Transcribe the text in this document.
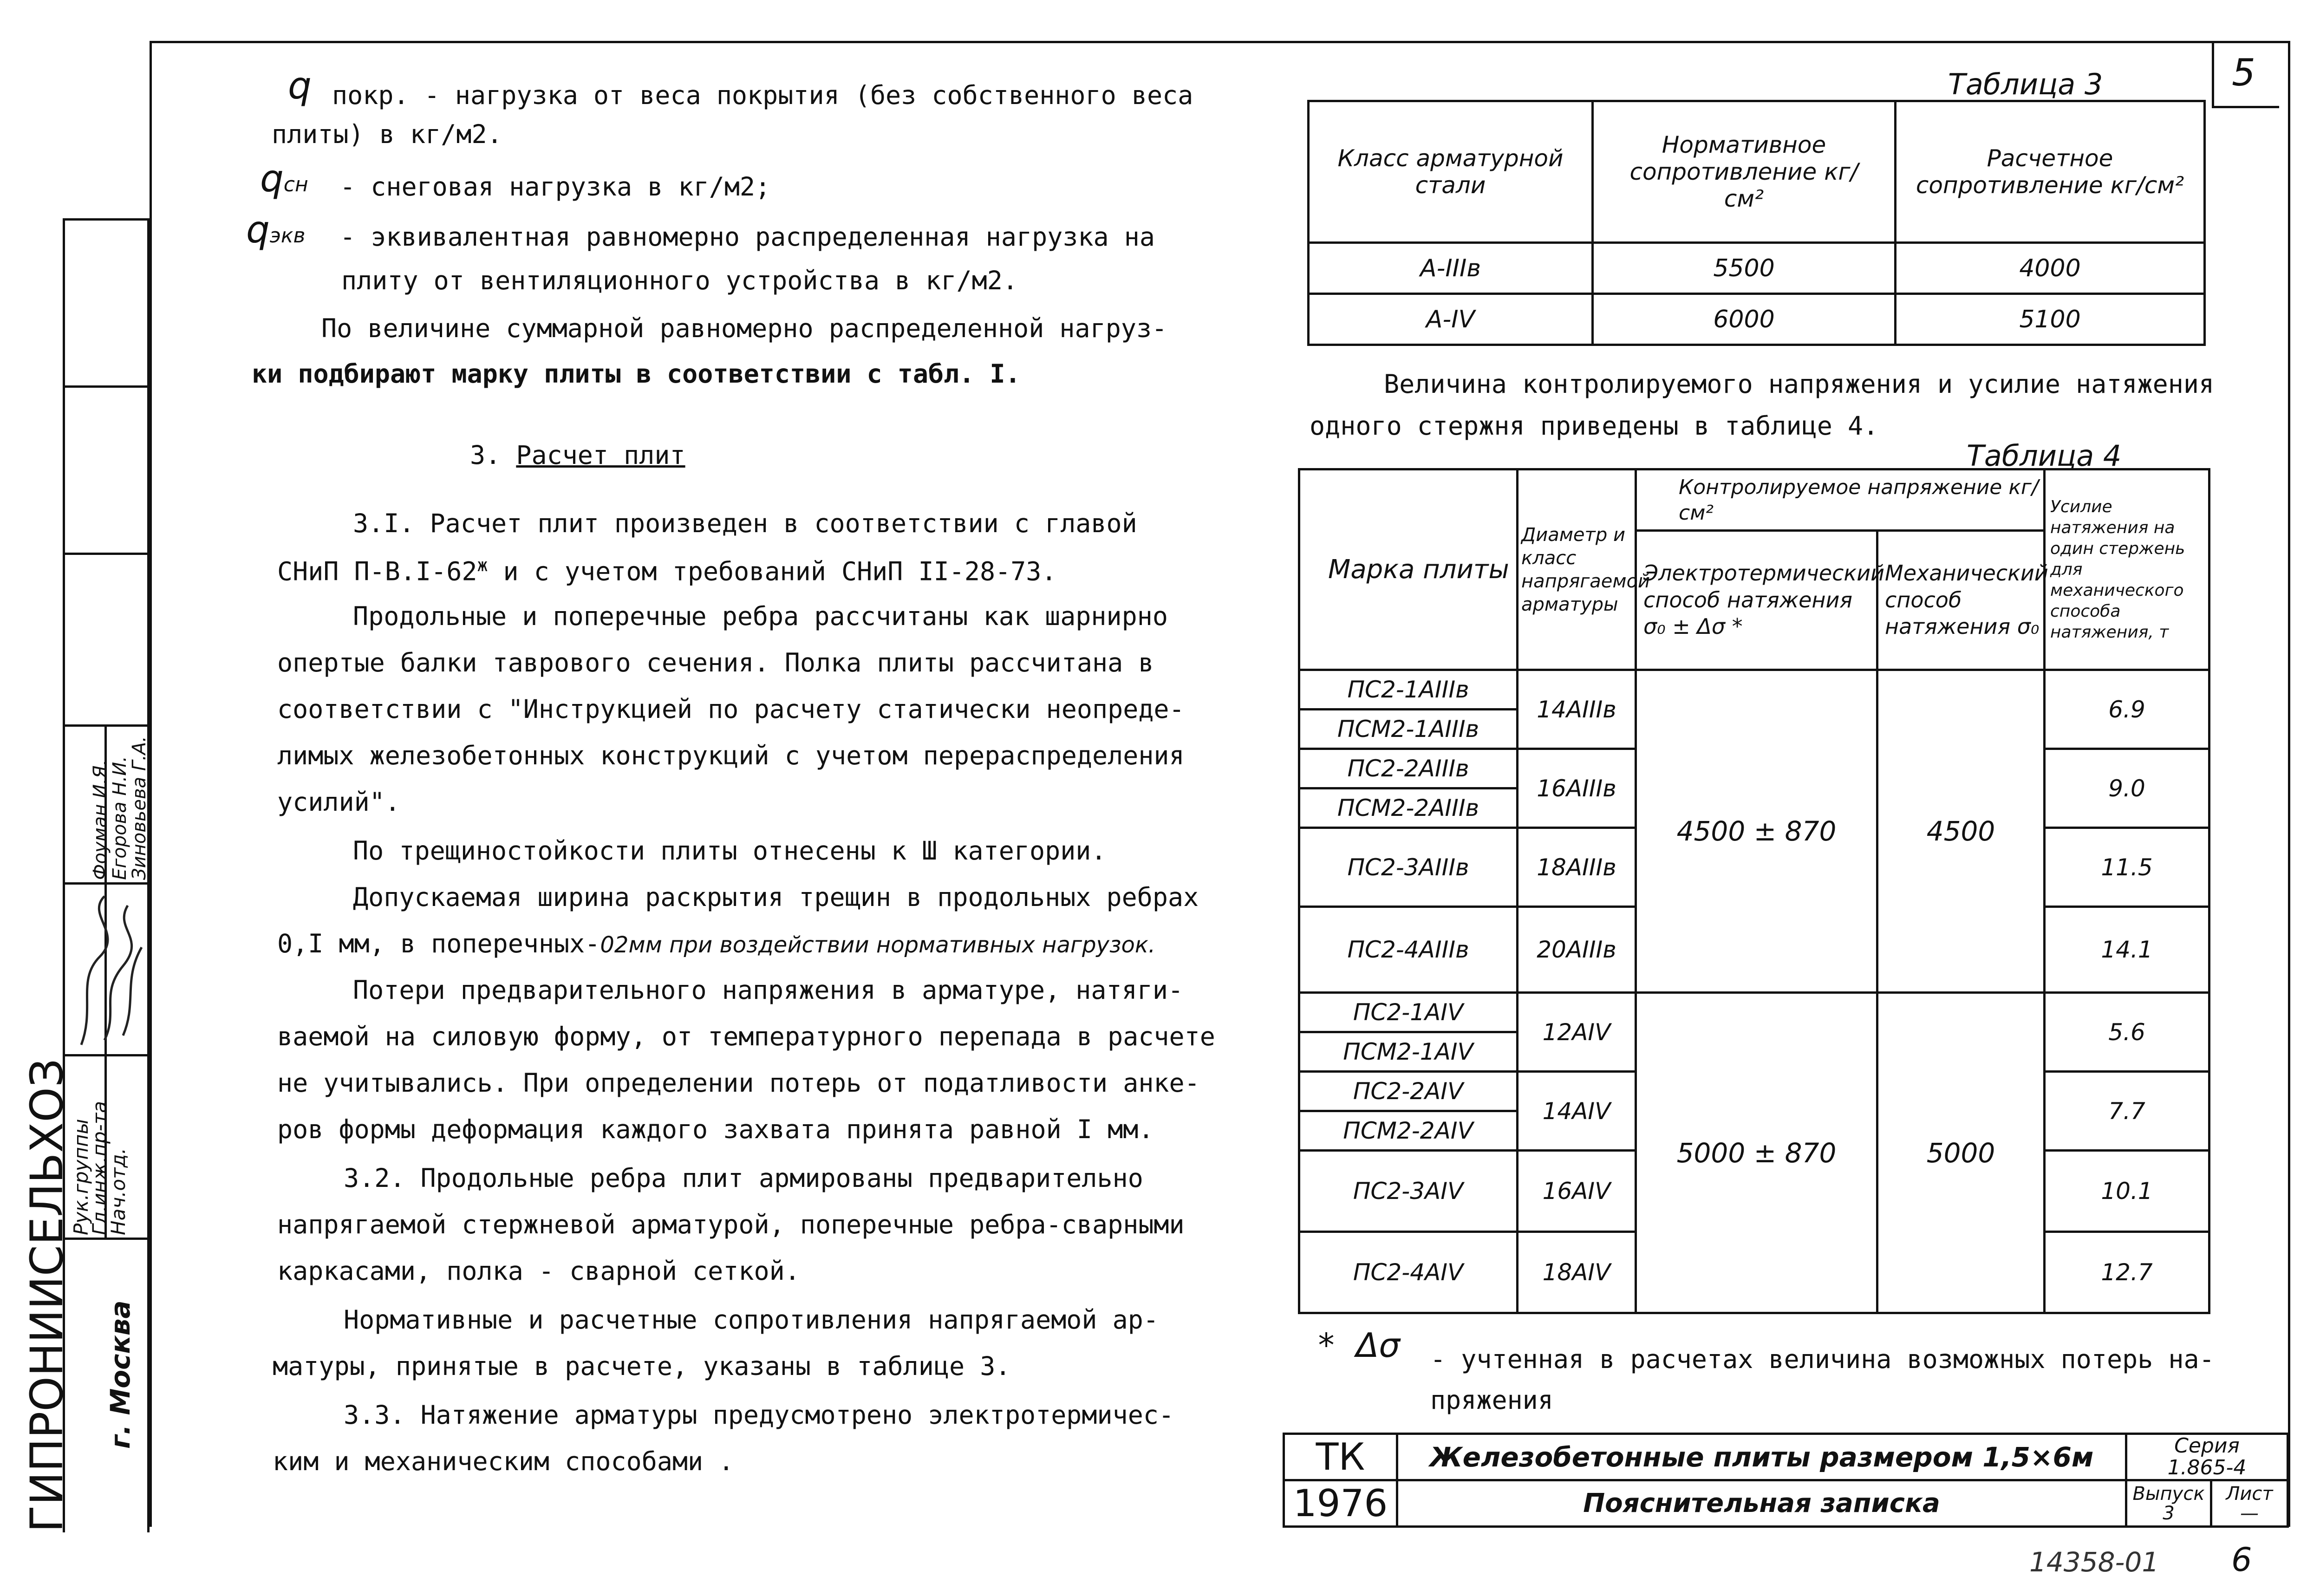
5
q покр. - нагрузка от веса покрытия (без собственного веса
плиты) в кг/м2.
qсн - снеговая нагрузка в кг/м2;
qэкв - эквивалентная равномерно распределенная нагрузка на
плиту от вентиляционного устройства в кг/м2.
По величине суммарной равномерно распределенной нагруз-
ки подбирают марку плиты в соответствии с табл. I.
3. Расчет плит
3.I. Расчет плит произведен в соответствии с главой
СНиП $П-В.I-62^ж$ и с учетом требований СНиП II-28-73.
Продольные и поперечные ребра рассчитаны как шарнирно
опертые балки таврового сечения. Полка плиты рассчитана в
соответствии с "Инструкцией по расчету статически неопреде-
лимых железобетонных конструкций с учетом перераспределения
усилий".
По трещиностойкости плиты отнесены к Ш категории.
Допускаемая ширина раскрытия трещин в продольных ребрах
0,I мм, в поперечных-02мм при воздействии нормативных нагрузок.
Потери предварительного напряжения в арматуре, натяги-
ваемой на силовую форму, от температурного перепада в расчете
не учитывались. При определении потерь от податливости анке-
ров формы деформация каждого захвата принята равной I мм.
3.2. Продольные ребра плит армированы предварительно
напрягаемой стержневой арматурой, поперечные ребра-сварными
каркасами, полка - сварной сеткой.
Нормативные и расчетные сопротивления напрягаемой ар-
матуры, принятые в расчете, указаны в таблице 3.
3.3. Натяжение арматуры предусмотрено электротермичес-
ким и механическим способами .
Таблица 3
Класс арматурной стали	Нормативное сопротивление кг/см²	Расчетное сопротивление кг/см²
A-IIIв	5500	4000
A-IV	6000	5100
Величина контролируемого напряжения и усилие натяжения
одного стержня приведены в таблице 4.
Таблица 4
Марка плиты	Диаметр и класс напрягаемой арматуры	Контролируемое напряжение кг/см²		Усилие натяжения на один стержень для механического способа натяжения, т
		Электротермический способ натяжения σ₀ ± Δσ *	Механический способ натяжения σ₀	
ПС2-1АIIIв	14АIIIв	4500 ± 870	4500	6.9
ПСМ2-1АIIIв				
ПС2-2АIIIв	16АIIIв			9.0
ПСМ2-2АIIIв				
ПС2-3АIIIв	18АIIIв			11.5
ПС2-4АIIIв	20АIIIв			14.1

ПС2-1АIV	12АIV	5000 ± 870	5000	5.6
ПСМ2-1АIV				
ПС2-2АIV	14АIV			7.7
ПСМ2-2АIV				
ПС2-3АIV	16АIV			10.1
ПС2-4АIV	18АIV			12.7
* Δσ - учтенная в расчетах величина возможных потерь на-
пряжения
ТК	Железобетонные плиты размером 1,5×6м	Серия
1.865-4	
1976	Пояснительная записка	Выпуск
3	Лист
—
14358-01 6
ГИПРОНИИСЕЛЬХОЗ г. Москва
Рук.группы
Гл.инж.пр-та
Нач.отд.
Зиновьева Г.А.
Егорова Н.И.
Фоуман И.Я.
